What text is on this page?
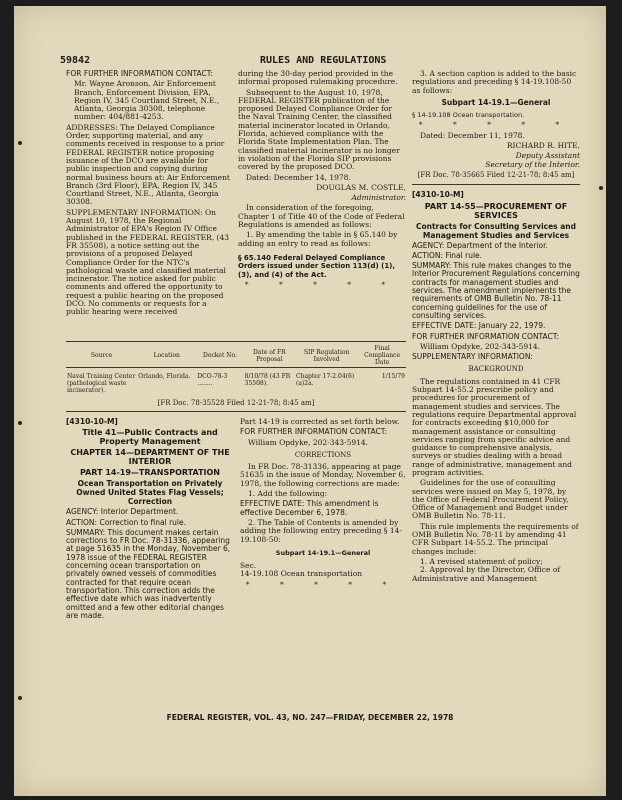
59842	RULES AND REGULATIONS

FOR FURTHER INFORMATION CONTACT:

Mr. Wayne Aronson, Air Enforcement Branch, Enforcement Division, EPA, Region IV, 345 Courtland Street, N.E., Atlanta, Georgia 30308, telephone number: 404/881-4253.

ADDRESSES: The Delayed Compliance Order, supporting material, and any comments received in response to a prior FEDERAL REGISTER notice proposing issuance of the DCO are available for public inspection and copying during normal business hours at: Air Enforcement Branch (3rd Floor), EPA, Region IV, 345 Courtland Street, N.E., Atlanta, Georgia 30308.

SUPPLEMENTARY INFORMATION: On August 10, 1978, the Regional Administrator of EPA's Region IV Office published in the FEDERAL REGISTER, (43 FR 35508), a notice setting out the provisions of a proposed Delayed Compliance Order for the NTC's pathological waste and classified material incinerator. The notice asked for public comments and offered the opportunity to request a public hearing on the proposed DCO. No comments or requests for a public hearing were received

during the 30-day period provided in the informal proposed rulemaking procedure.

Subsequent to the August 10, 1978, FEDERAL REGISTER publication of the proposed Delayed Compliance Order for the Naval Training Center, the classified material incinerator located in Orlando, Florida, achieved compliance with the Florida State Implementation Plan. The classified material incinerator is no longer in violation of the Florida SIP provisions covered by the proposed DCO.

Dated: December 14, 1978.

DOUGLAS M. COSTLE,

Administrator.

In consideration of the foregoing, Chapter 1 of Title 40 of the Code of Federal Regulations is amended as follows:

1. By amending the table in § 65.140 by adding an entry to read as follows:

§ 65.140 Federal Delayed Compliance Orders issued under Section 113(d) (1), (3), and (4) of the Act.

* * * * *

3. A section caption is added to the basic regulations and preceding § 14-19.108-50 as follows:

Subpart 14-19.1—General

§ 14-19.108 Ocean transportation.

* * * * *

Dated: December 11, 1978.

RICHARD R. HITE,

Deputy Assistant

Secretary of the Interior.

[FR Doc. 78-35665 Filed 12-21-78; 8:45 am]

[4310-10-M]

PART 14-55—PROCUREMENT OF SERVICES

Contracts for Consulting Services and Management Studies and Services

AGENCY: Department of the Interior.

ACTION: Final rule.

SUMMARY: This rule makes changes to the Interior Procurement Regulations concerning contracts for management studies and services. The amendment implements the requirements of OMB Bulletin No. 78-11 concerning guidelines for the use of consulting services.

EFFECTIVE DATE: January 22, 1979.

FOR FURTHER INFORMATION CONTACT:

William Opdyke, 202-343-5914.

SUPPLEMENTARY INFORMATION:

BACKGROUND

The regulations contained in 41 CFR Subpart 14-55.2 prescribe policy and procedures for procurement of management studies and services. The regulations require Departmental approval for contracts exceeding $10,000 for management assistance or consulting services ranging from specific advice and guidance to comprehensive analysis, surveys or studies dealing with a broad range of administrative, management and program activities.

Guidelines for the use of consulting services were issued on May 5, 1978, by the Office of Federal Procurement Policy, Office of Management and Budget under OMB Bulletin No. 78-11.

This rule implements the requirements of OMB Bulletin No. 78-11 by amending 41 CFR Subpart 14-55.2. The principal changes include:

1. A revised statement of policy;

2. Approval by the Director, Office of Administrative and Management

Source	Location	Docket No.	Date of FR Proposal	SIP Regulation Involved	Final Compliance Date

Naval Training Center (pathological waste incinerator).	Orlando, Florida.	DCO-78-3 ........	8/10/78 (43 FR 35508).	Chapter 17-2.04(6)(a)2a.	1/15/79
[FR Doc. 78-35528 Filed 12-21-78; 8:45 am]

[4310-10-M]

Title 41—Public Contracts and Property Management

CHAPTER 14—DEPARTMENT OF THE INTERIOR

PART 14-19—TRANSPORTATION

Ocean Transportation on Privately Owned United States Flag Vessels; Correction

AGENCY: Interior Department.

ACTION: Correction to final rule.

SUMMARY: This document makes certain corrections to FR Doc. 78-31336, appearing at page 51635 in the Monday, November 6, 1978 issue of the FEDERAL REGISTER concerning ocean transportation on privately owned vessels of commodities contracted for that require ocean transportation. This correction adds the effective date which was inadvertently omitted and a few other editorial changes are made.

Part 14-19 is corrected as set forth below.

FOR FURTHER INFORMATION CONTACT:

William Opdyke, 202-343-5914.

CORRECTIONS

In FR Doc. 78-31336, appearing at page 51635 in the issue of Monday, November 6, 1978, the following corrections are made:

1. Add the following:

EFFECTIVE DATE: This amendment is effective December 6, 1978.

2. The Table of Contents is amended by adding the following entry preceding § 14-19.108-50:

Subpart 14-19.1—General

Sec.

14-19.108 Ocean transportation

* * * * *

FEDERAL REGISTER, VOL. 43, NO. 247—FRIDAY, DECEMBER 22, 1978
